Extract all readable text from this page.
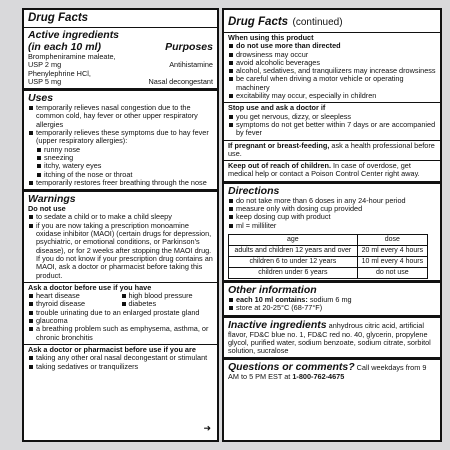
Drug Facts
Active ingredients
(in each 10 ml)	Purposes
Brompheniramine maleate,
USP 2 mg	Antihistamine
Phenylephrine HCl,
USP 5 mg	Nasal decongestant
Uses
temporarily relieves nasal congestion due to the common cold, hay fever or other upper respiratory allergies
temporarily relieves these symptoms due to hay fever (upper respiratory allergies):
runny nose
sneezing
itchy, watery eyes
itching of the nose or throat
temporarily restores freer breathing through the nose
Warnings
Do not use
to sedate a child or to make a child sleepy
if you are now taking a prescription monoamine oxidase inhibitor (MAOI) (certain drugs for depression, psychiatric, or emotional conditions, or Parkinson's disease), or for 2 weeks after stopping the MAOI drug. If you do not know if your prescription drug contains an MAOI, ask a doctor or pharmacist before taking this product.
Ask a doctor before use if you have
heart disease	high blood pressure
thyroid disease	diabetes
trouble urinating due to an enlarged prostate gland
glaucoma
a breathing problem such as emphysema, asthma, or chronic bronchitis
Ask a doctor or pharmacist before use if you are
taking any other oral nasal decongestant or stimulant
taking sedatives or tranquilizers
➜
Drug Facts (continued)
When using this product
do not use more than directed
drowsiness may occur
avoid alcoholic beverages
alcohol, sedatives, and tranquilizers may increase drowsiness
be careful when driving a motor vehicle or operating machinery
excitability may occur, especially in children
Stop use and ask a doctor if
you get nervous, dizzy, or sleepless
symptoms do not get better within 7 days or are accompanied by fever
If pregnant or breast-feeding, ask a health professional before use.
Keep out of reach of children. In case of overdose, get medical help or contact a Poison Control Center right away.
Directions
do not take more than 6 doses in any 24-hour period
measure only with dosing cup provided
keep dosing cup with product
ml = milliliter
age	dose
adults and children 12 years and over	20 ml every 4 hours
children 6 to under 12 years	10 ml every 4 hours
children under 6 years	do not use
Other information
each 10 ml contains: sodium 6 mg
store at 20-25°C (68-77°F)
Inactive ingredients anhydrous citric acid, artificial flavor, FD&C blue no. 1, FD&C red no. 40, glycerin, propylene glycol, purified water, sodium benzoate, sodium citrate, sorbitol solution, sucralose
Questions or comments? Call weekdays from 9 AM to 5 PM EST at 1-800-762-4675
